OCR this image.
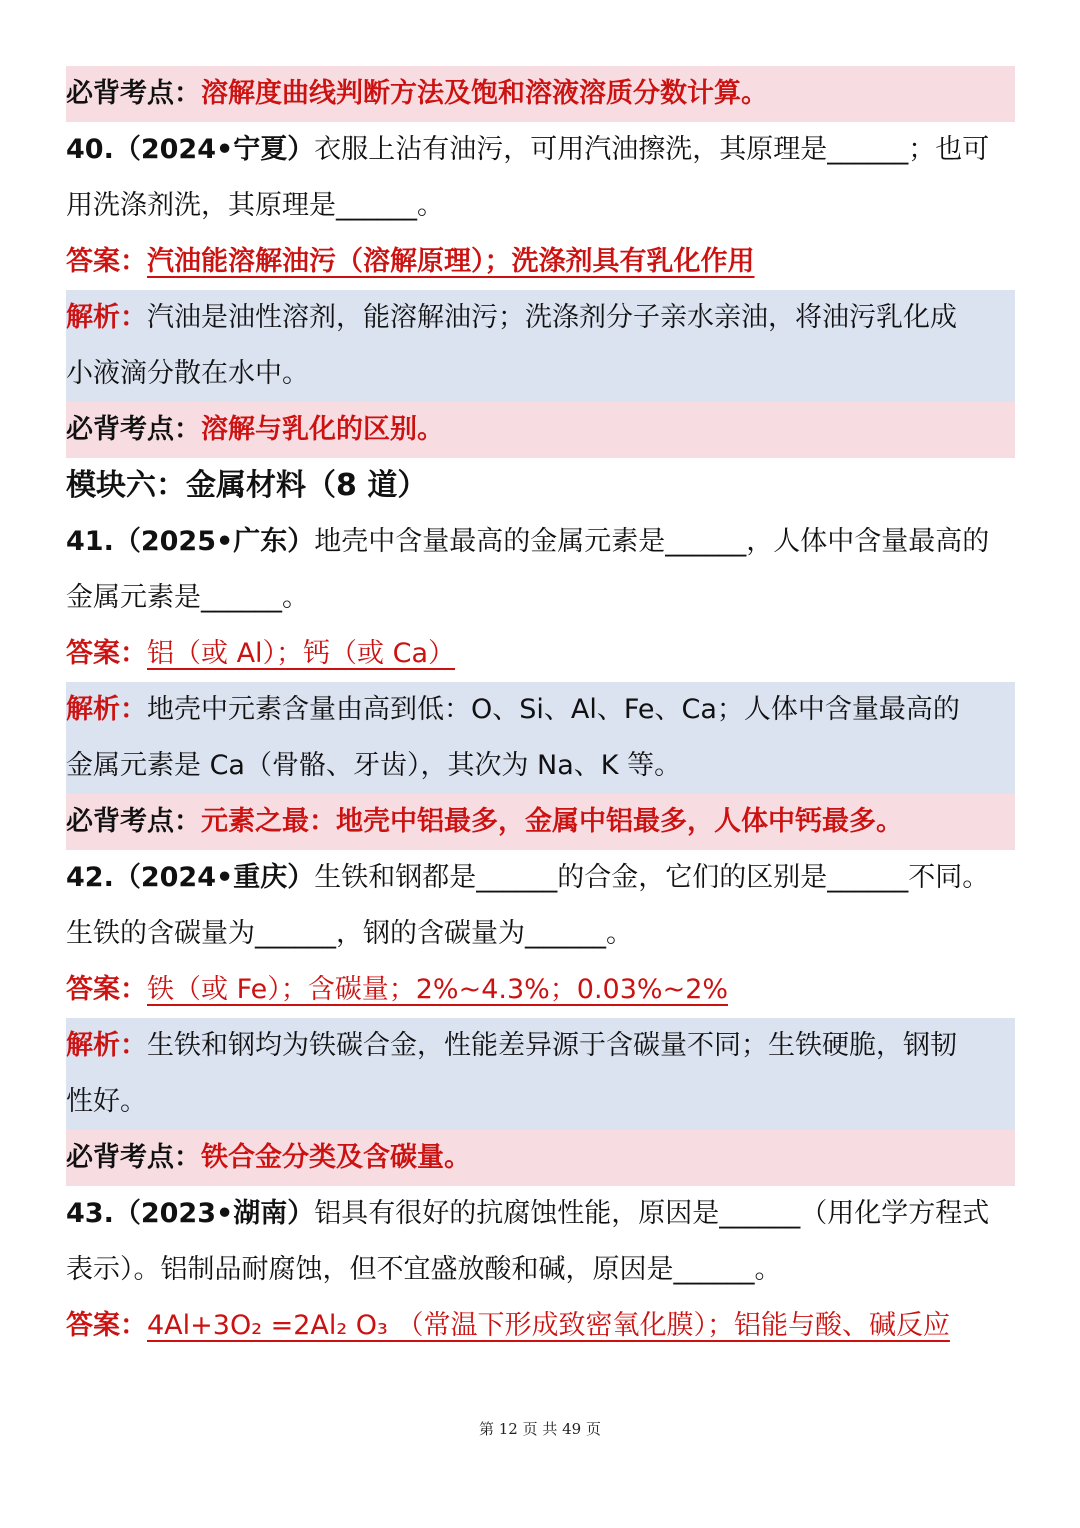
必背考点：溶解度曲线判断方法及饱和溶液溶质分数计算。
40.（2024•宁夏）衣服上沾有油污，可用汽油擦洗，其原理是______；也可
用洗涤剂洗，其原理是______。
答案：汽油能溶解油污（溶解原理）；洗涤剂具有乳化作用
解析：汽油是油性溶剂，能溶解油污；洗涤剂分子亲水亲油，将油污乳化成
小液滴分散在水中。
必背考点：溶解与乳化的区别。
模块六：金属材料（8 道）
41.（2025•广东）地壳中含量最高的金属元素是______，人体中含量最高的
金属元素是______。
答案：铝（或 Al）；钙（或 Ca）
解析：地壳中元素含量由高到低：O、Si、Al、Fe、Ca；人体中含量最高的
金属元素是 Ca（骨骼、牙齿），其次为 Na、K 等。
必背考点：元素之最：地壳中铝最多，金属中铝最多，人体中钙最多。
42.（2024•重庆）生铁和钢都是______的合金，它们的区别是______不同。
生铁的含碳量为______，钢的含碳量为______。
答案：铁（或 Fe）；含碳量；2%~4.3%；0.03%~2%
解析：生铁和钢均为铁碳合金，性能差异源于含碳量不同；生铁硬脆，钢韧
性好。
必背考点：铁合金分类及含碳量。
43.（2023•湖南）铝具有很好的抗腐蚀性能，原因是______（用化学方程式
表示）。铝制品耐腐蚀，但不宜盛放酸和碱，原因是______。
答案：4Al+3O₂ =2Al₂ O₃ （常温下形成致密氧化膜）；铝能与酸、碱反应
第 12 页 共 49 页
